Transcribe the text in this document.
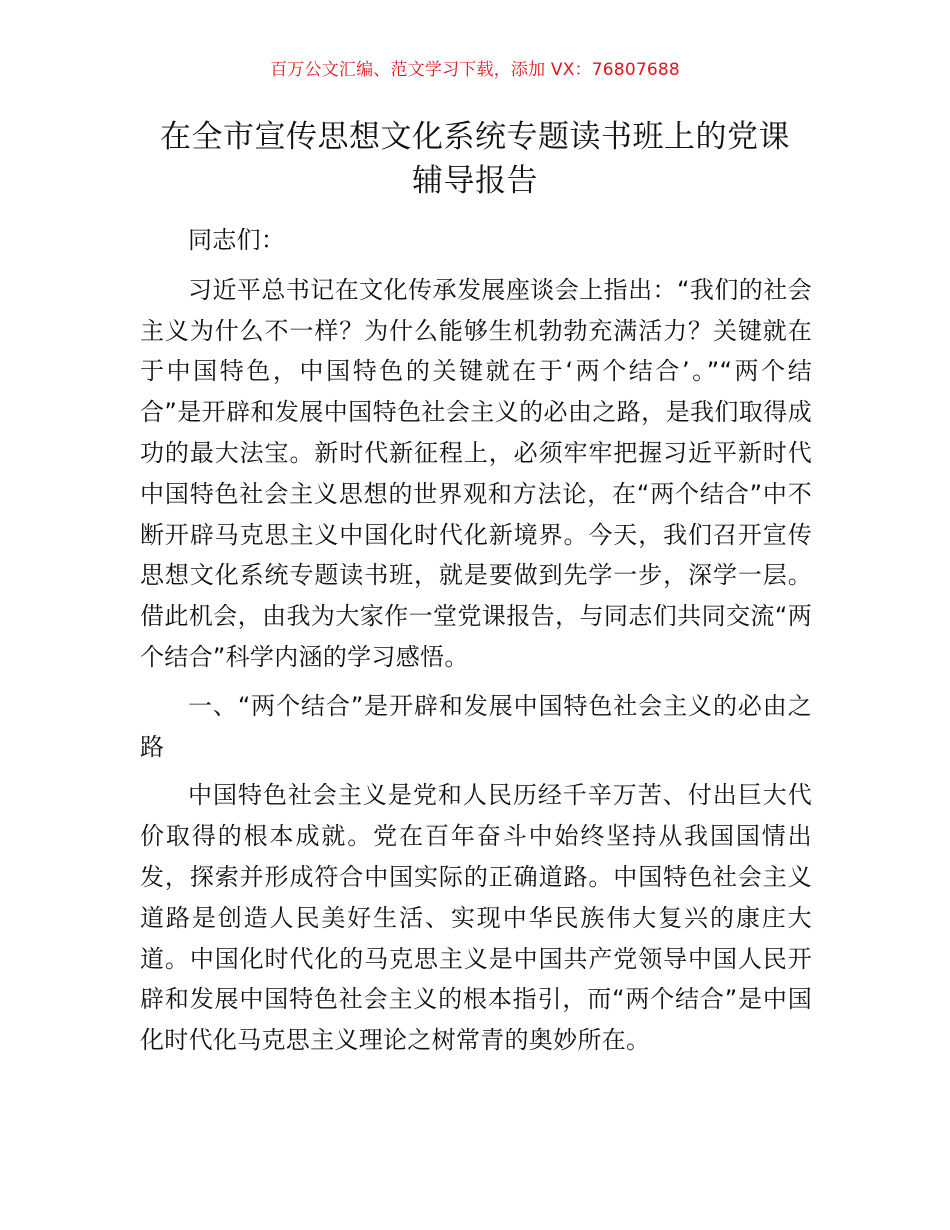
百万公文汇编、范文学习下载，添加 VX：76807688
在全市宣传思想文化系统专题读书班上的党课
辅导报告

同志们：

习近平总书记在文化传承发展座谈会上指出：“我们的社会主义为什么不一样？为什么能够生机勃勃充满活力？关键就在于中国特色，中国特色的关键就在于‘两个结合’。”“两个结合”是开辟和发展中国特色社会主义的必由之路，是我们取得成功的最大法宝。新时代新征程上，必须牢牢把握习近平新时代中国特色社会主义思想的世界观和方法论，在“两个结合”中不断开辟马克思主义中国化时代化新境界。今天，我们召开宣传思想文化系统专题读书班，就是要做到先学一步，深学一层。借此机会，由我为大家作一堂党课报告，与同志们共同交流“两个结合”科学内涵的学习感悟。

一、“两个结合”是开辟和发展中国特色社会主义的必由之路

中国特色社会主义是党和人民历经千辛万苦、付出巨大代价取得的根本成就。党在百年奋斗中始终坚持从我国国情出发，探索并形成符合中国实际的正确道路。中国特色社会主义道路是创造人民美好生活、实现中华民族伟大复兴的康庄大道。中国化时代化的马克思主义是中国共产党领导中国人民开辟和发展中国特色社会主义的根本指引，而“两个结合”是中国化时代化马克思主义理论之树常青的奥妙所在。
